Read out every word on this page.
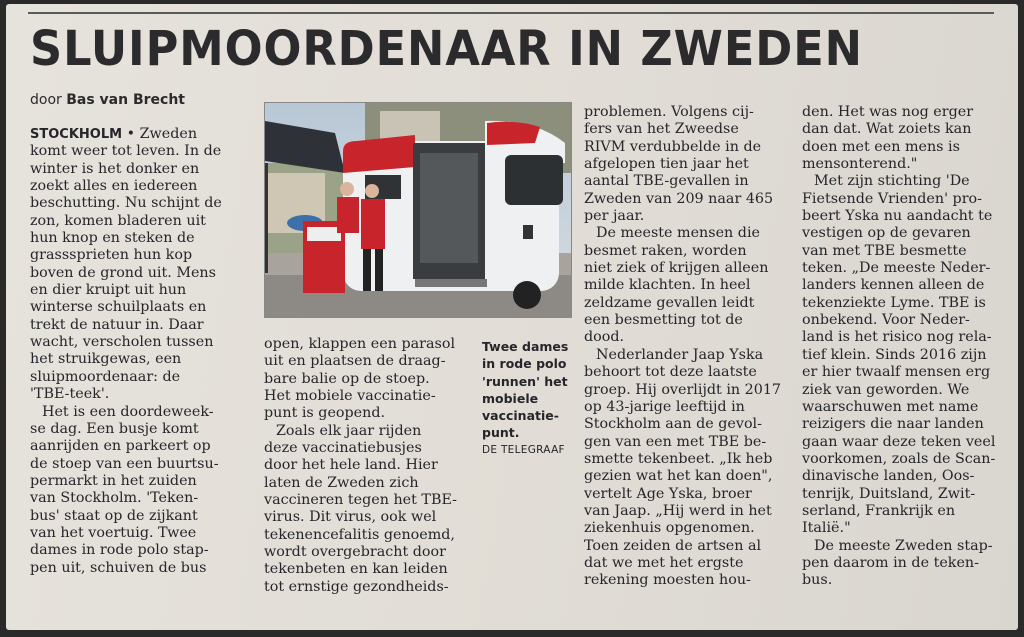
SLUIPMOORDENAAR IN ZWEDEN
door Bas van Brecht
Twee dames
in rode polo
'runnen' het
mobiele
vaccinatie-
punt.
DE TELEGRAAF
STOCKHOLM • Zweden
komt weer tot leven. In de
winter is het donker en
zoekt alles en iedereen
beschutting. Nu schijnt de
zon, komen bladeren uit
hun knop en steken de
grasssprieten hun kop
boven de grond uit. Mens
en dier kruipt uit hun
winterse schuilplaats en
trekt de natuur in. Daar
wacht, verscholen tussen
het struikgewas, een
sluipmoordenaar: de
'TBE-teek'.
Het is een doordeweek-
se dag. Een busje komt
aanrijden en parkeert op
de stoep van een buurtsu-
permarkt in het zuiden
van Stockholm. 'Teken-
bus' staat op de zijkant
van het voertuig. Twee
dames in rode polo stap-
pen uit, schuiven de bus
open, klappen een parasol
uit en plaatsen de draag-
bare balie op de stoep.
Het mobiele vaccinatie-
punt is geopend.
Zoals elk jaar rijden
deze vaccinatiebusjes
door het hele land. Hier
laten de Zweden zich
vaccineren tegen het TBE-
virus. Dit virus, ook wel
tekenencefalitis genoemd,
wordt overgebracht door
tekenbeten en kan leiden
tot ernstige gezondheids-
problemen. Volgens cij-
fers van het Zweedse
RIVM verdubbelde in de
afgelopen tien jaar het
aantal TBE-gevallen in
Zweden van 209 naar 465
per jaar.
De meeste mensen die
besmet raken, worden
niet ziek of krijgen alleen
milde klachten. In heel
zeldzame gevallen leidt
een besmetting tot de
dood.
Nederlander Jaap Yska
behoort tot deze laatste
groep. Hij overlijdt in 2017
op 43-jarige leeftijd in
Stockholm aan de gevol-
gen van een met TBE be-
smette tekenbeet. „Ik heb
gezien wat het kan doen",
vertelt Age Yska, broer
van Jaap. „Hij werd in het
ziekenhuis opgenomen.
Toen zeiden de artsen al
dat we met het ergste
rekening moesten hou-
den. Het was nog erger
dan dat. Wat zoiets kan
doen met een mens is
mensonterend."
Met zijn stichting 'De
Fietsende Vrienden' pro-
beert Yska nu aandacht te
vestigen op de gevaren
van met TBE besmette
teken. „De meeste Neder-
landers kennen alleen de
tekenziekte Lyme. TBE is
onbekend. Voor Neder-
land is het risico nog rela-
tief klein. Sinds 2016 zijn
er hier twaalf mensen erg
ziek van geworden. We
waarschuwen met name
reizigers die naar landen
gaan waar deze teken veel
voorkomen, zoals de Scan-
dinavische landen, Oos-
tenrijk, Duitsland, Zwit-
serland, Frankrijk en
Italië."
De meeste Zweden stap-
pen daarom in de teken-
bus.
